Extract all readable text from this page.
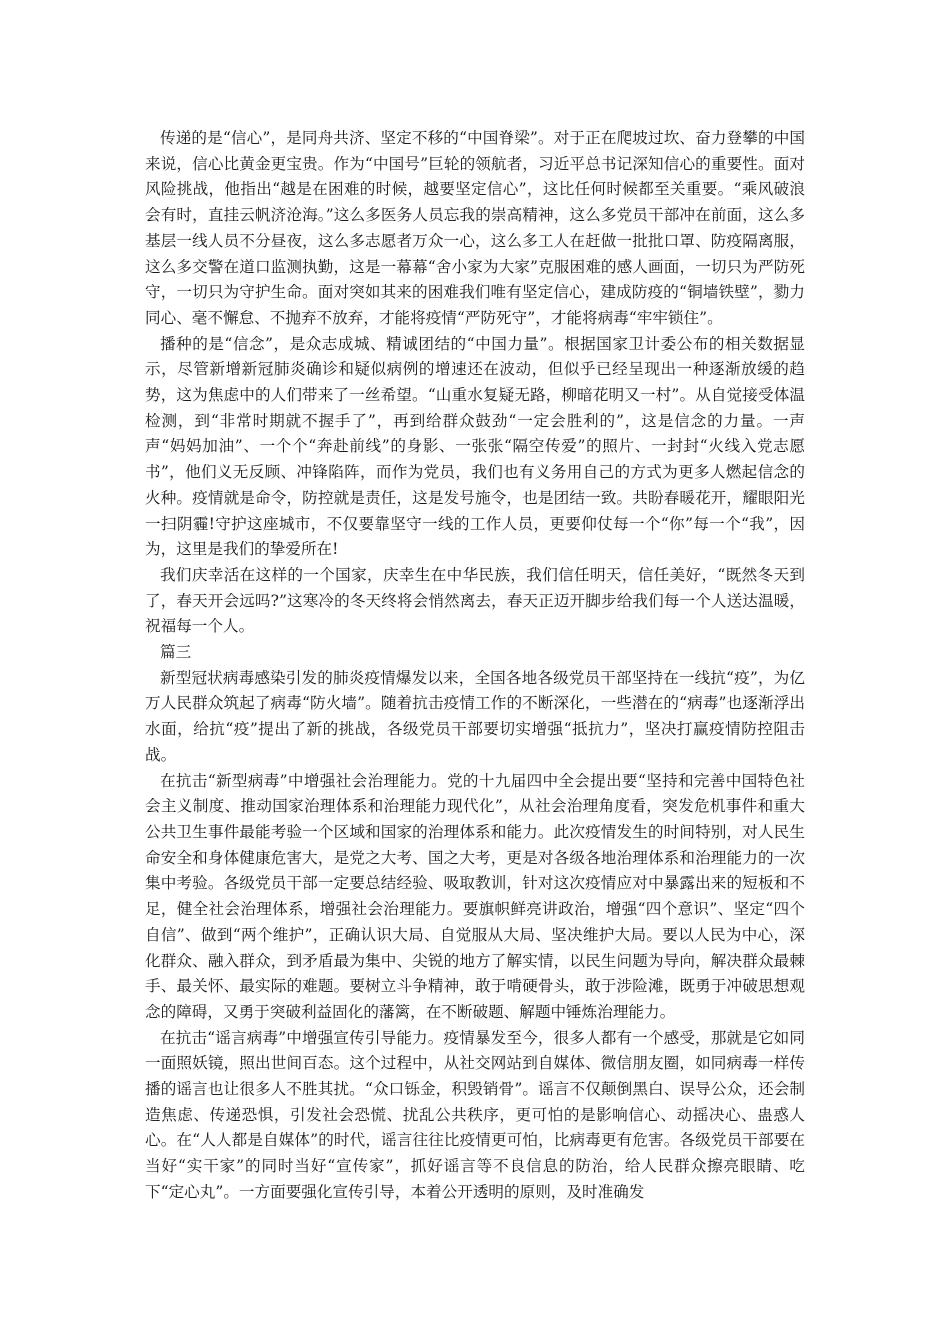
传递的是“信心”，是同舟共济、坚定不移的“中国脊梁”。对于正在爬坡过坎、奋力登攀的中国来说，信心比黄金更宝贵。作为“中国号”巨轮的领航者，习近平总书记深知信心的重要性。面对风险挑战，他指出“越是在困难的时候，越要坚定信心”，这比任何时候都至关重要。“乘风破浪会有时，直挂云帆济沧海。”这么多医务人员忘我的崇高精神，这么多党员干部冲在前面，这么多基层一线人员不分昼夜，这么多志愿者万众一心，这么多工人在赶做一批批口罩、防疫隔离服，这么多交警在道口监测执勤，这是一幕幕“舍小家为大家”克服困难的感人画面，一切只为严防死守，一切只为守护生命。面对突如其来的困难我们唯有坚定信心，建成防疫的“铜墙铁壁”，勠力同心、毫不懈怠、不抛弃不放弃，才能将疫情“严防死守”，才能将病毒“牢牢锁住”。

播种的是“信念”，是众志成城、精诚团结的“中国力量”。根据国家卫计委公布的相关数据显示，尽管新增新冠肺炎确诊和疑似病例的增速还在波动，但似乎已经呈现出一种逐渐放缓的趋势，这为焦虑中的人们带来了一丝希望。“山重水复疑无路，柳暗花明又一村”。从自觉接受体温检测，到“非常时期就不握手了”，再到给群众鼓劲“一定会胜利的”，这是信念的力量。一声声“妈妈加油”、一个个“奔赴前线”的身影、一张张“隔空传爱”的照片、一封封“火线入党志愿书”，他们义无反顾、冲锋陷阵，而作为党员，我们也有义务用自己的方式为更多人燃起信念的火种。疫情就是命令，防控就是责任，这是发号施令，也是团结一致。共盼春暖花开，耀眼阳光一扫阴霾!守护这座城市，不仅要靠坚守一线的工作人员，更要仰仗每一个“你”每一个“我”，因为，这里是我们的挚爱所在!

我们庆幸活在这样的一个国家，庆幸生在中华民族，我们信任明天，信任美好，“既然冬天到了，春天开会远吗?”这寒冷的冬天终将会悄然离去，春天正迈开脚步给我们每一个人送达温暖，祝福每一个人。

篇三

新型冠状病毒感染引发的肺炎疫情爆发以来，全国各地各级党员干部坚持在一线抗“疫”，为亿万人民群众筑起了病毒“防火墙”。随着抗击疫情工作的不断深化，一些潜在的“病毒”也逐渐浮出水面，给抗“疫”提出了新的挑战，各级党员干部要切实增强“抵抗力”，坚决打赢疫情防控阻击战。

在抗击“新型病毒”中增强社会治理能力。党的十九届四中全会提出要“坚持和完善中国特色社会主义制度、推动国家治理体系和治理能力现代化”，从社会治理角度看，突发危机事件和重大公共卫生事件最能考验一个区域和国家的治理体系和能力。此次疫情发生的时间特别，对人民生命安全和身体健康危害大，是党之大考、国之大考，更是对各级各地治理体系和治理能力的一次集中考验。各级党员干部一定要总结经验、吸取教训，针对这次疫情应对中暴露出来的短板和不足，健全社会治理体系，增强社会治理能力。要旗帜鲜亮讲政治，增强“四个意识”、坚定“四个自信”、做到“两个维护”，正确认识大局、自觉服从大局、坚决维护大局。要以人民为中心，深化群众、融入群众，到矛盾最为集中、尖锐的地方了解实情，以民生问题为导向，解决群众最棘手、最关怀、最实际的难题。要树立斗争精神，敢于啃硬骨头，敢于涉险滩，既勇于冲破思想观念的障碍，又勇于突破利益固化的藩篱，在不断破题、解题中锤炼治理能力。

在抗击“谣言病毒”中增强宣传引导能力。疫情暴发至今，很多人都有一个感受，那就是它如同一面照妖镜，照出世间百态。这个过程中，从社交网站到自媒体、微信朋友圈，如同病毒一样传播的谣言也让很多人不胜其扰。“众口铄金，积毁销骨”。谣言不仅颠倒黑白、误导公众，还会制造焦虑、传递恐惧，引发社会恐慌、扰乱公共秩序，更可怕的是影响信心、动摇决心、蛊惑人心。在“人人都是自媒体”的时代，谣言往往比疫情更可怕，比病毒更有危害。各级党员干部要在当好“实干家”的同时当好“宣传家”，抓好谣言等不良信息的防治，给人民群众擦亮眼睛、吃下“定心丸”。一方面要强化宣传引导，本着公开透明的原则，及时准确发
